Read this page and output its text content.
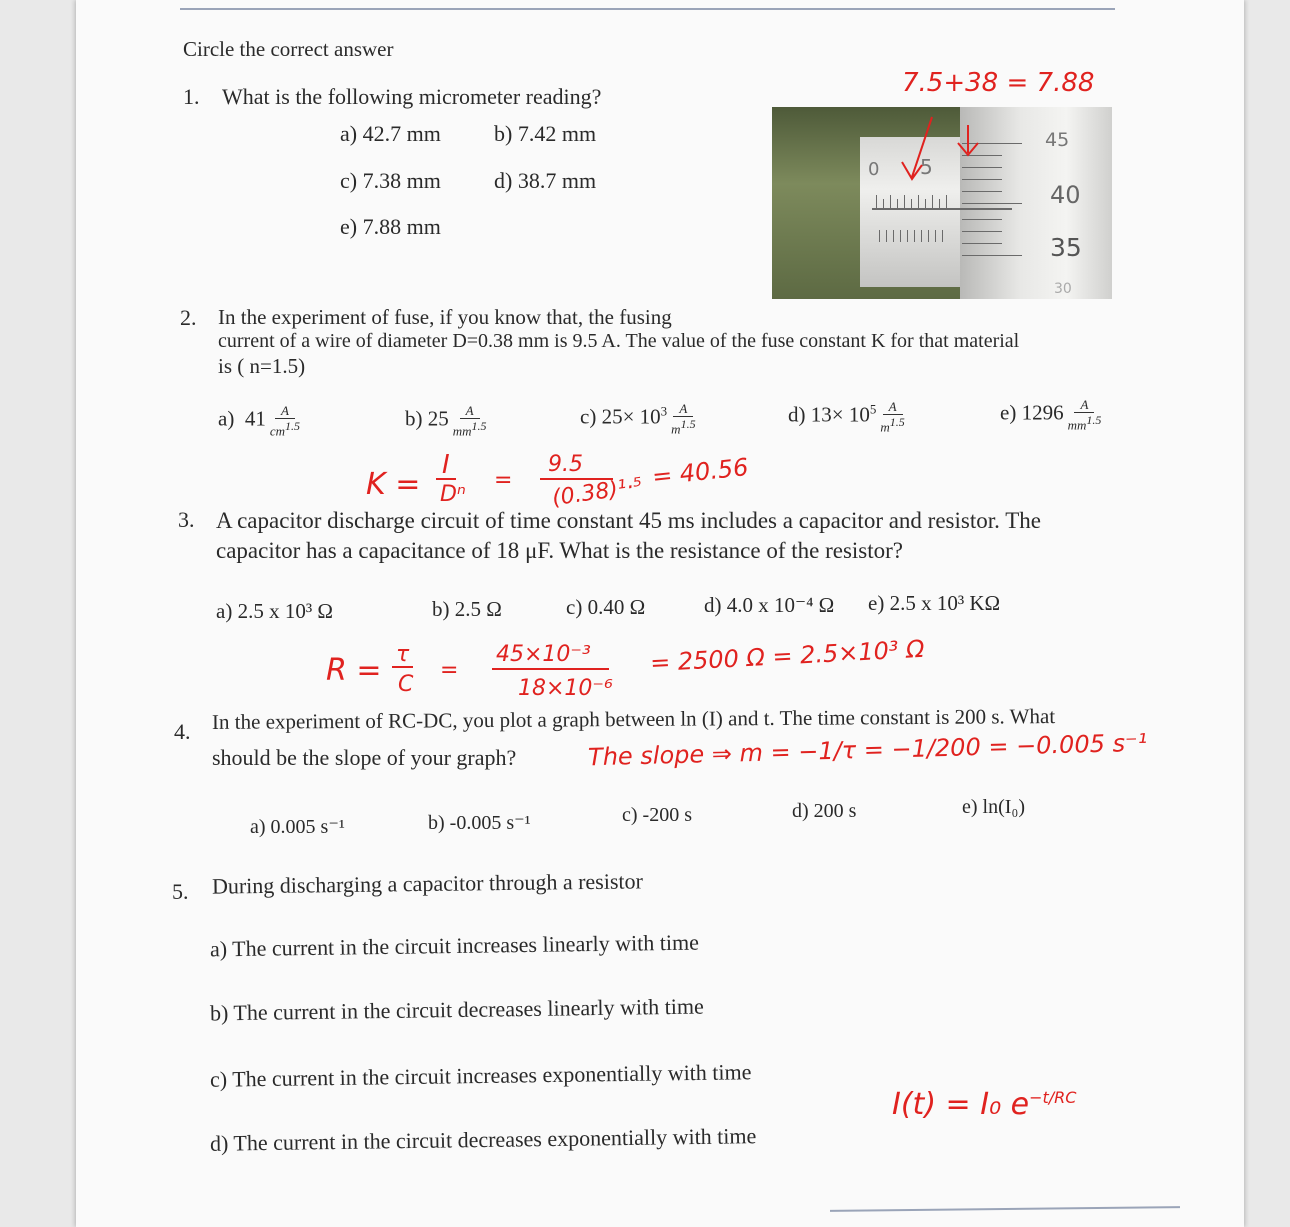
Circle the correct answer
1. What is the following micrometer reading?
a) 42.7 mm b) 7.42 mm
c) 7.38 mm d) 38.7 mm
e) 7.88 mm
0 5
45
40
35
30
7.5+38 = 7.88
2. In the experiment of fuse, if you know that, the fusing
current of a wire of diameter D=0.38 mm is 9.5 A. The value of the fuse constant K for that material
is ( n=1.5)
a) $41 \frac{A}{cm^{1.5}}$	b) $25 \frac{A}{mm^{1.5}}$	c) $25\times 10^3 \frac{A}{m^{1.5}}$	d) $13\times 10^5 \frac{A}{m^{1.5}}$	e) $1296 \frac{A}{mm^{1.5}}$
K =
I
Dⁿ
=
9.5
(0.38)¹·⁵
= 40.56
3. A capacitor discharge circuit of time constant 45 ms includes a capacitor and resistor. The
capacitor has a capacitance of 18 μF. What is the resistance of the resistor?
a) 2.5 x 10³ Ω	b) 2.5 Ω	c) 0.40 Ω	d) 4.0 x 10⁻⁴ Ω e) 2.5 x 10³ KΩ
R = τ
C
=
45×10⁻³
18×10⁻⁶
= 2500 Ω = 2.5×10³ Ω
4. In the experiment of RC-DC, you plot a graph between ln (I) and t. The time constant is 200 s. What
should be the slope of your graph?	The slope ⇒ m = −1/τ = −1/200 = −0.005 s⁻¹
a) 0.005 s⁻¹	b) -0.005 s⁻¹	c) -200 s	d) 200 s	e) ln(I₀)
5. During discharging a capacitor through a resistor
a) The current in the circuit increases linearly with time
b) The current in the circuit decreases linearly with time
c) The current in the circuit increases exponentially with time
d) The current in the circuit decreases exponentially with time
I(t) = I₀ $e^{-t/RC}$
